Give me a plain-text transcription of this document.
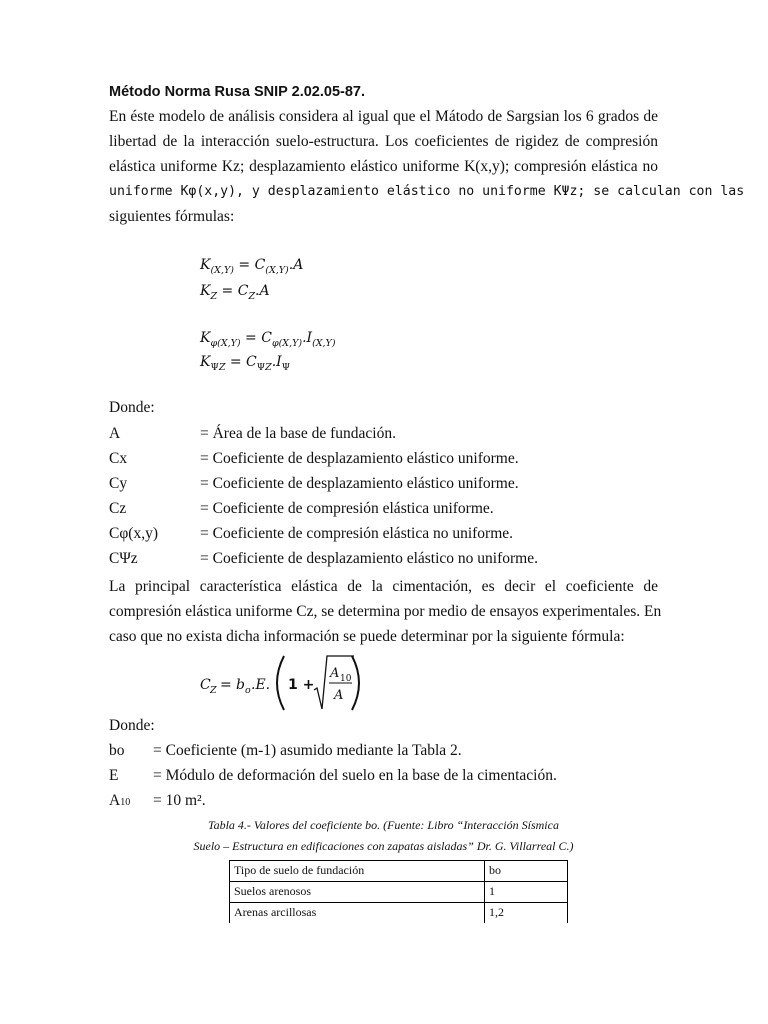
Método Norma Rusa SNIP 2.02.05-87.
En éste modelo de análisis considera al igual que el Mátodo de Sargsian los 6 grados de
libertad de la interacción suelo-estructura. Los coeficientes de rigidez de compresión
elástica uniforme Kz; desplazamiento elástico uniforme K(x,y); compresión elástica no
uniforme Kφ(x,y), y desplazamiento elástico no uniforme KΨz; se calculan con las
siguientes fórmulas:
$K_{(X,Y)} = C_{(X,Y)}.A$
$K_Z = C_Z.A$
$K_{\varphi(X,Y)} = C_{\varphi(X,Y)}.I_{(X,Y)}$
$K_{\Psi Z} = C_{\Psi Z}.I_\Psi$
Donde:
A	= Área de la base de fundación.
Cx	= Coeficiente de desplazamiento elástico uniforme.
Cy	= Coeficiente de desplazamiento elástico uniforme.
Cz	= Coeficiente de compresión elástica uniforme.
Cφ(x,y)	= Coeficiente de compresión elástica no uniforme.
CΨz	= Coeficiente de desplazamiento elástico no uniforme.
La principal característica elástica de la cimentación, es decir el coeficiente de
compresión elástica uniforme Cz, se determina por medio de ensayos experimentales. En
caso que no exista dicha información se puede determinar por la siguiente fórmula:
C Z = b o .E. 1 +
A 10
A
Donde:
bo = Coeficiente (m-1) asumido mediante la Tabla 2.
E = Módulo de deformación del suelo en la base de la cimentación.
A10 = 10 m².
Tabla 4.- Valores del coeficiente bo. (Fuente: Libro “Interacción Sísmica
Suelo – Estructura en edificaciones con zapatas aisladas” Dr. G. Villarreal C.)
Tipo de suelo de fundación	bo
Suelos arenosos	1
Arenas arcillosas	1,2
